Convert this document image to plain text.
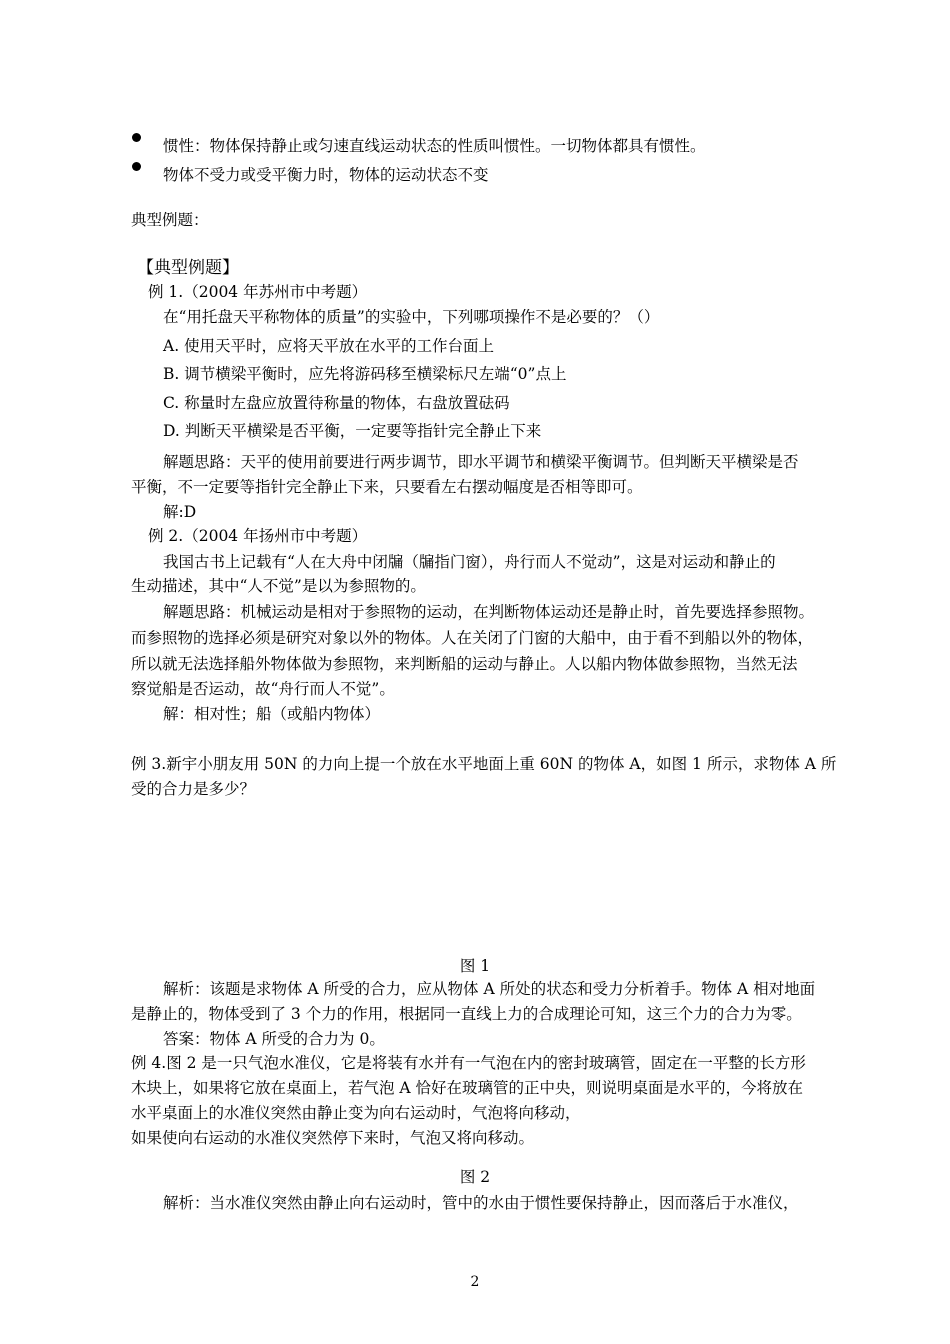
惯性：物体保持静止或匀速直线运动状态的性质叫惯性。一切物体都具有惯性。
物体不受力或受平衡力时，物体的运动状态不变
典型例题：
【典型例题】
例 1.（2004 年苏州市中考题）
在“用托盘天平称物体的质量”的实验中，下列哪项操作不是必要的？（）
A. 使用天平时，应将天平放在水平的工作台面上
B. 调节横梁平衡时，应先将游码移至横梁标尺左端“0”点上
C. 称量时左盘应放置待称量的物体，右盘放置砝码
D. 判断天平横梁是否平衡，一定要等指针完全静止下来
解题思路：天平的使用前要进行两步调节，即水平调节和横梁平衡调节。但判断天平横梁是否
平衡，不一定要等指针完全静止下来，只要看左右摆动幅度是否相等即可。
解:D
例 2.（2004 年扬州市中考题）
我国古书上记载有“人在大舟中闭牖（牖指门窗），舟行而人不觉动”，这是对运动和静止的
生动描述，其中“人不觉”是以为参照物的。
解题思路：机械运动是相对于参照物的运动，在判断物体运动还是静止时，首先要选择参照物。
而参照物的选择必须是研究对象以外的物体。人在关闭了门窗的大船中，由于看不到船以外的物体，
所以就无法选择船外物体做为参照物，来判断船的运动与静止。人以船内物体做参照物，当然无法
察觉船是否运动，故“舟行而人不觉”。
解：相对性；船（或船内物体）
例 3.新宇小朋友用 50N 的力向上提一个放在水平地面上重 60N 的物体 A，如图 1 所示，求物体 A 所
受的合力是多少？
图 1
解析：该题是求物体 A 所受的合力，应从物体 A 所处的状态和受力分析着手。物体 A 相对地面
是静止的，物体受到了 3 个力的作用，根据同一直线上力的合成理论可知，这三个力的合力为零。
答案：物体 A 所受的合力为 0。
例 4.图 2 是一只气泡水准仪，它是将装有水并有一气泡在内的密封玻璃管，固定在一平整的长方形
木块上，如果将它放在桌面上，若气泡 A 恰好在玻璃管的正中央，则说明桌面是水平的，今将放在
水平桌面上的水准仪突然由静止变为向右运动时，气泡将向移动，
如果使向右运动的水准仪突然停下来时，气泡又将向移动。
图 2
解析：当水准仪突然由静止向右运动时，管中的水由于惯性要保持静止，因而落后于水准仪，
2
